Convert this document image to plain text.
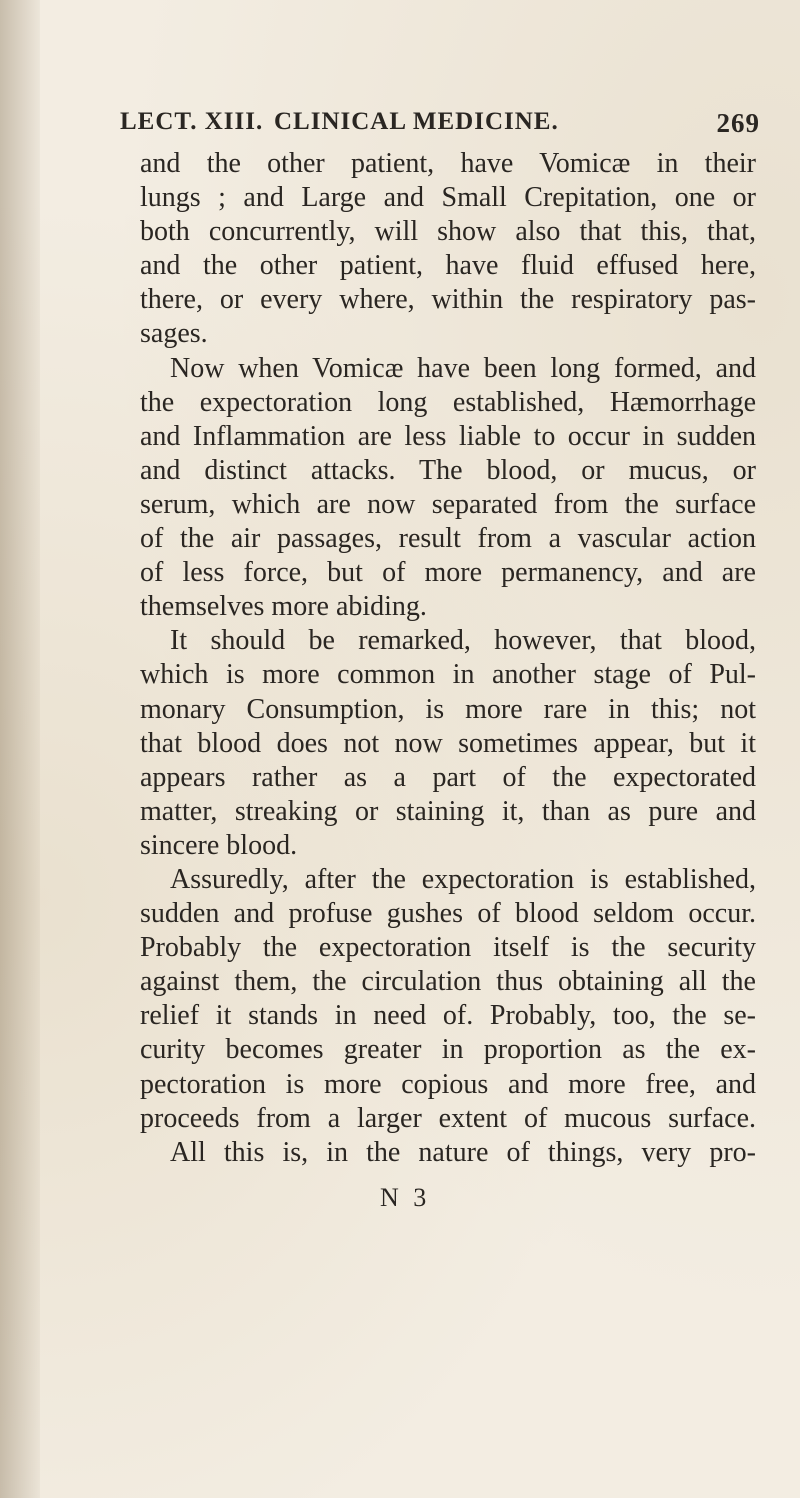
LECT. XIII. CLINICAL MEDICINE.	269
and the other patient, have Vomicæ in their
lungs ; and Large and Small Crepitation, one or
both concurrently, will show also that this, that,
and the other patient, have fluid effused here,
there, or every where, within the respiratory pas-
sages.
Now when Vomicæ have been long formed, and
the expectoration long established, Hæmorrhage
and Inflammation are less liable to occur in sudden
and distinct attacks. The blood, or mucus, or
serum, which are now separated from the surface
of the air passages, result from a vascular action
of less force, but of more permanency, and are
themselves more abiding.
It should be remarked, however, that blood,
which is more common in another stage of Pul-
monary Consumption, is more rare in this; not
that blood does not now sometimes appear, but it
appears rather as a part of the expectorated
matter, streaking or staining it, than as pure and
sincere blood.
Assuredly, after the expectoration is established,
sudden and profuse gushes of blood seldom occur.
Probably the expectoration itself is the security
against them, the circulation thus obtaining all the
relief it stands in need of. Probably, too, the se-
curity becomes greater in proportion as the ex-
pectoration is more copious and more free, and
proceeds from a larger extent of mucous surface.
All this is, in the nature of things, very pro-
N 3
